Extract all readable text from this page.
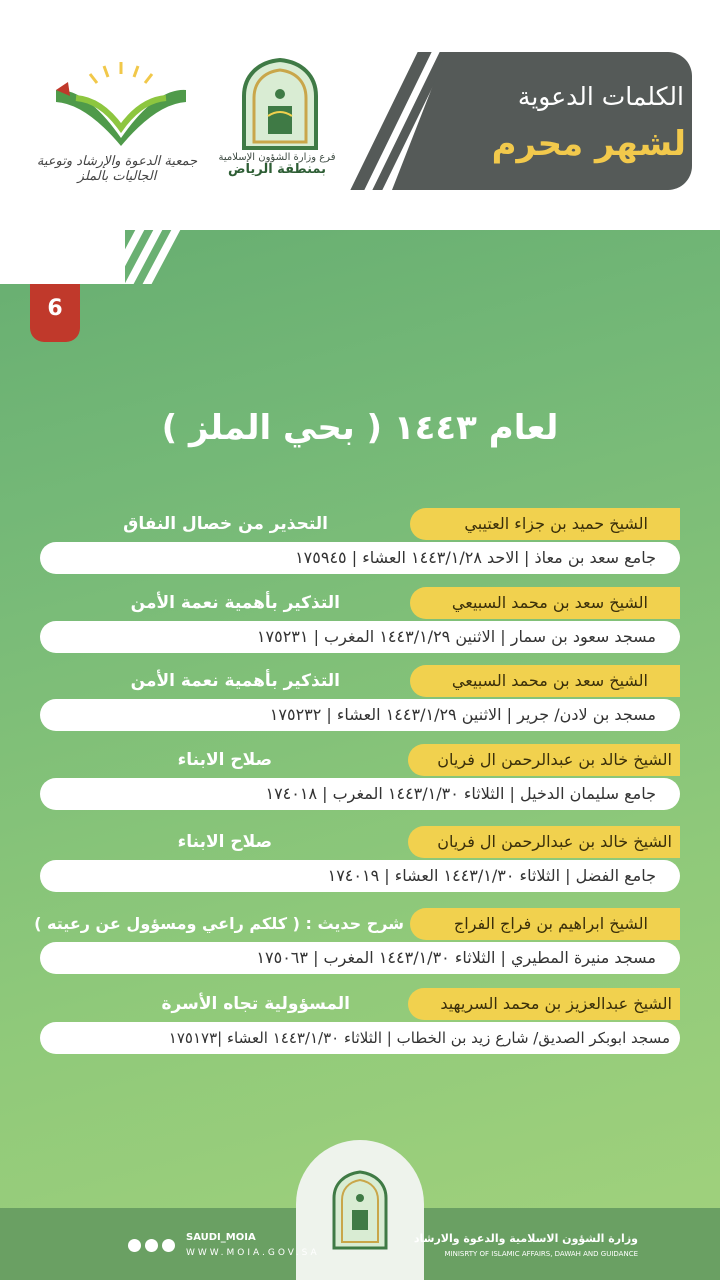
الكلمات الدعوية
لشهر محرم
فرع وزارة الشؤون الإسلامية
بمنطقة الرياض
جمعية الدعوة والإرشاد وتوعية الجاليات بالملز
6
لعام ١٤٤٣ ( بحي الملز )
الشيخ حميد بن جزاء العتيبي
التحذير من خصال النفاق
جامع سعد بن معاذ | الاحد ١٤٤٣/١/٢٨ العشاء | ١٧٥٩٤٥
الشيخ سعد بن محمد السبيعي
التذكير بأهمية نعمة الأمن
مسجد سعود بن سمار | الاثنين ١٤٤٣/١/٢٩ المغرب | ١٧٥٢٣١
الشيخ سعد بن محمد السبيعي
التذكير بأهمية نعمة الأمن
مسجد بن لادن/ جرير | الاثنين ١٤٤٣/١/٢٩ العشاء | ١٧٥٢٣٢
الشيخ خالد بن عبدالرحمن ال فريان
صلاح الابناء
جامع سليمان الدخيل | الثلاثاء ١٤٤٣/١/٣٠ المغرب | ١٧٤٠١٨
الشيخ خالد بن عبدالرحمن ال فريان
صلاح الابناء
جامع الفضل | الثلاثاء ١٤٤٣/١/٣٠ العشاء | ١٧٤٠١٩
الشيخ ابراهيم بن فراج الفراج
شرح حديث : ( كلكم راعي ومسؤول عن رعيته )
مسجد منيرة المطيري | الثلاثاء ١٤٤٣/١/٣٠ المغرب | ١٧٥٠٦٣
الشيخ عبدالعزيز بن محمد السريهيد
المسؤولية تجاه الأسرة
مسجد ابوبكر الصديق/ شارع زيد بن الخطاب | الثلاثاء ١٤٤٣/١/٣٠ العشاء |١٧٥١٧٣
وزارة الشؤون الاسلامية والدعوة والارشاد
MINISRTY OF ISLAMIC AFFAIRS, DAWAH AND GUIDANCE
SAUDI_MOIA
WWW.MOIA.GOV.SA
